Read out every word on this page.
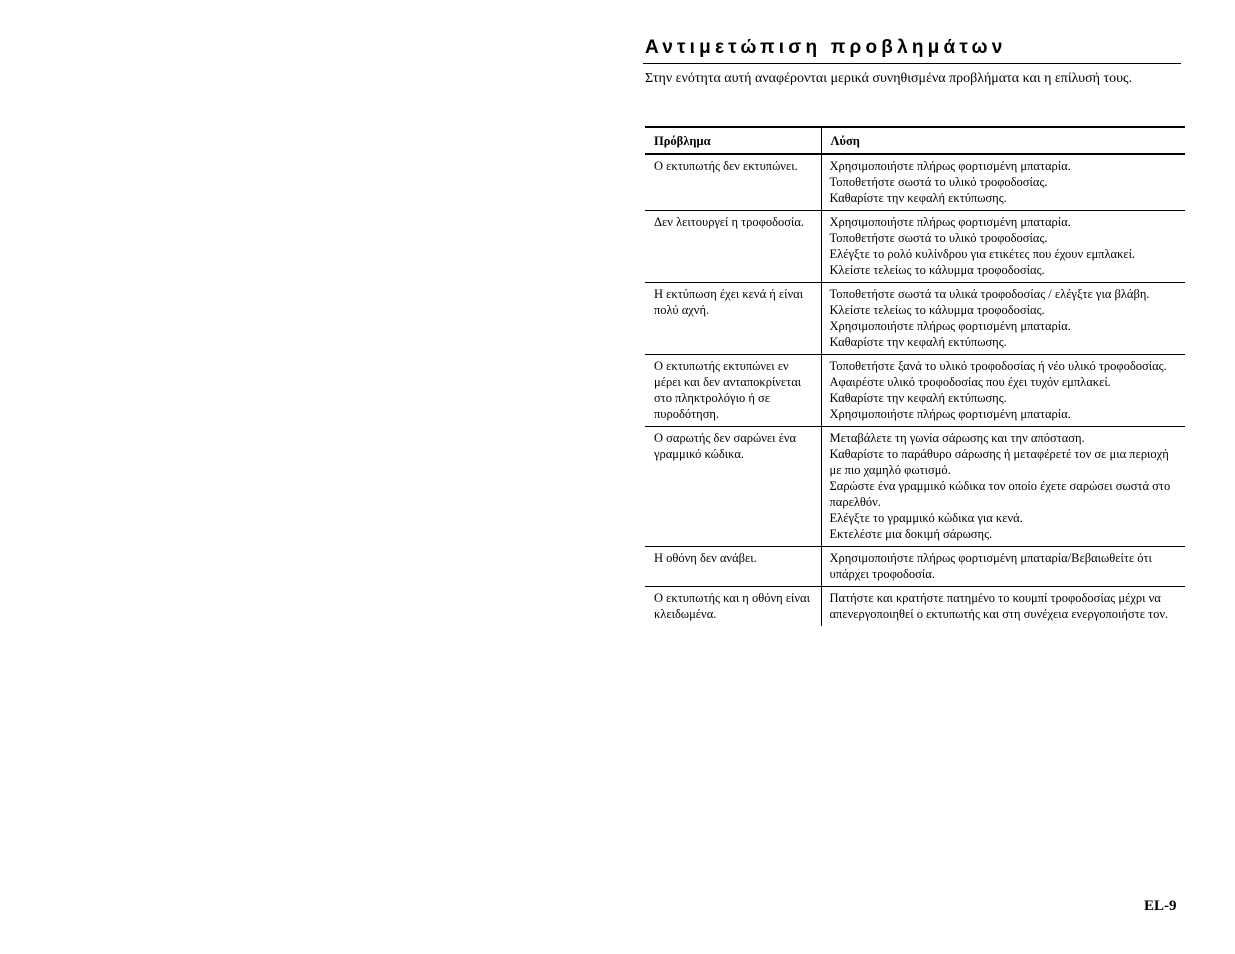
Αντιμετώπιση προβλημάτων
Στην ενότητα αυτή αναφέρονται μερικά συνηθισμένα προβλήματα και η επίλυσή τους.
Πρόβλημα	Λύση
Ο εκτυπωτής δεν εκτυπώνει.	Χρησιμοποιήστε πλήρως φορτισμένη μπαταρία.
Τοποθετήστε σωστά το υλικό τροφοδοσίας.
Καθαρίστε την κεφαλή εκτύπωσης.

Δεν λειτουργεί η τροφοδοσία.	Χρησιμοποιήστε πλήρως φορτισμένη μπαταρία.
Τοποθετήστε σωστά το υλικό τροφοδοσίας.
Ελέγξτε το ρολό κυλίνδρου για ετικέτες που έχουν εμπλακεί.
Κλείστε τελείως το κάλυμμα τροφοδοσίας.

Η εκτύπωση έχει κενά ή είναι πολύ αχνή.	Τοποθετήστε σωστά τα υλικά τροφοδοσίας / ελέγξτε για βλάβη.
Κλείστε τελείως το κάλυμμα τροφοδοσίας.
Χρησιμοποιήστε πλήρως φορτισμένη μπαταρία.
Καθαρίστε την κεφαλή εκτύπωσης.

Ο εκτυπωτής εκτυπώνει εν μέρει και δεν ανταποκρίνεται στο πληκτρολόγιο ή σε πυροδότηση.	Τοποθετήστε ξανά το υλικό τροφοδοσίας ή νέο υλικό τροφοδοσίας. Αφαιρέστε υλικό τροφοδοσίας που έχει τυχόν εμπλακεί.
Καθαρίστε την κεφαλή εκτύπωσης.
Χρησιμοποιήστε πλήρως φορτισμένη μπαταρία.

Ο σαρωτής δεν σαρώνει ένα γραμμικό κώδικα.	Μεταβάλετε τη γωνία σάρωσης και την απόσταση.
Καθαρίστε το παράθυρο σάρωσης ή μεταφέρετέ τον σε μια περιοχή με πιο χαμηλό φωτισμό.
Σαρώστε ένα γραμμικό κώδικα τον οποίο έχετε σαρώσει σωστά στο παρελθόν.
Ελέγξτε το γραμμικό κώδικα για κενά.
Εκτελέστε μια δοκιμή σάρωσης.

Η οθόνη δεν ανάβει.	Χρησιμοποιήστε πλήρως φορτισμένη μπαταρία/Βεβαιωθείτε ότι υπάρχει τροφοδοσία.

Ο εκτυπωτής και η οθόνη είναι κλειδωμένα.	Πατήστε και κρατήστε πατημένο το κουμπί τροφοδοσίας μέχρι να απενεργοποιηθεί ο εκτυπωτής και στη συνέχεια ενεργοποιήστε τον.
EL-9
